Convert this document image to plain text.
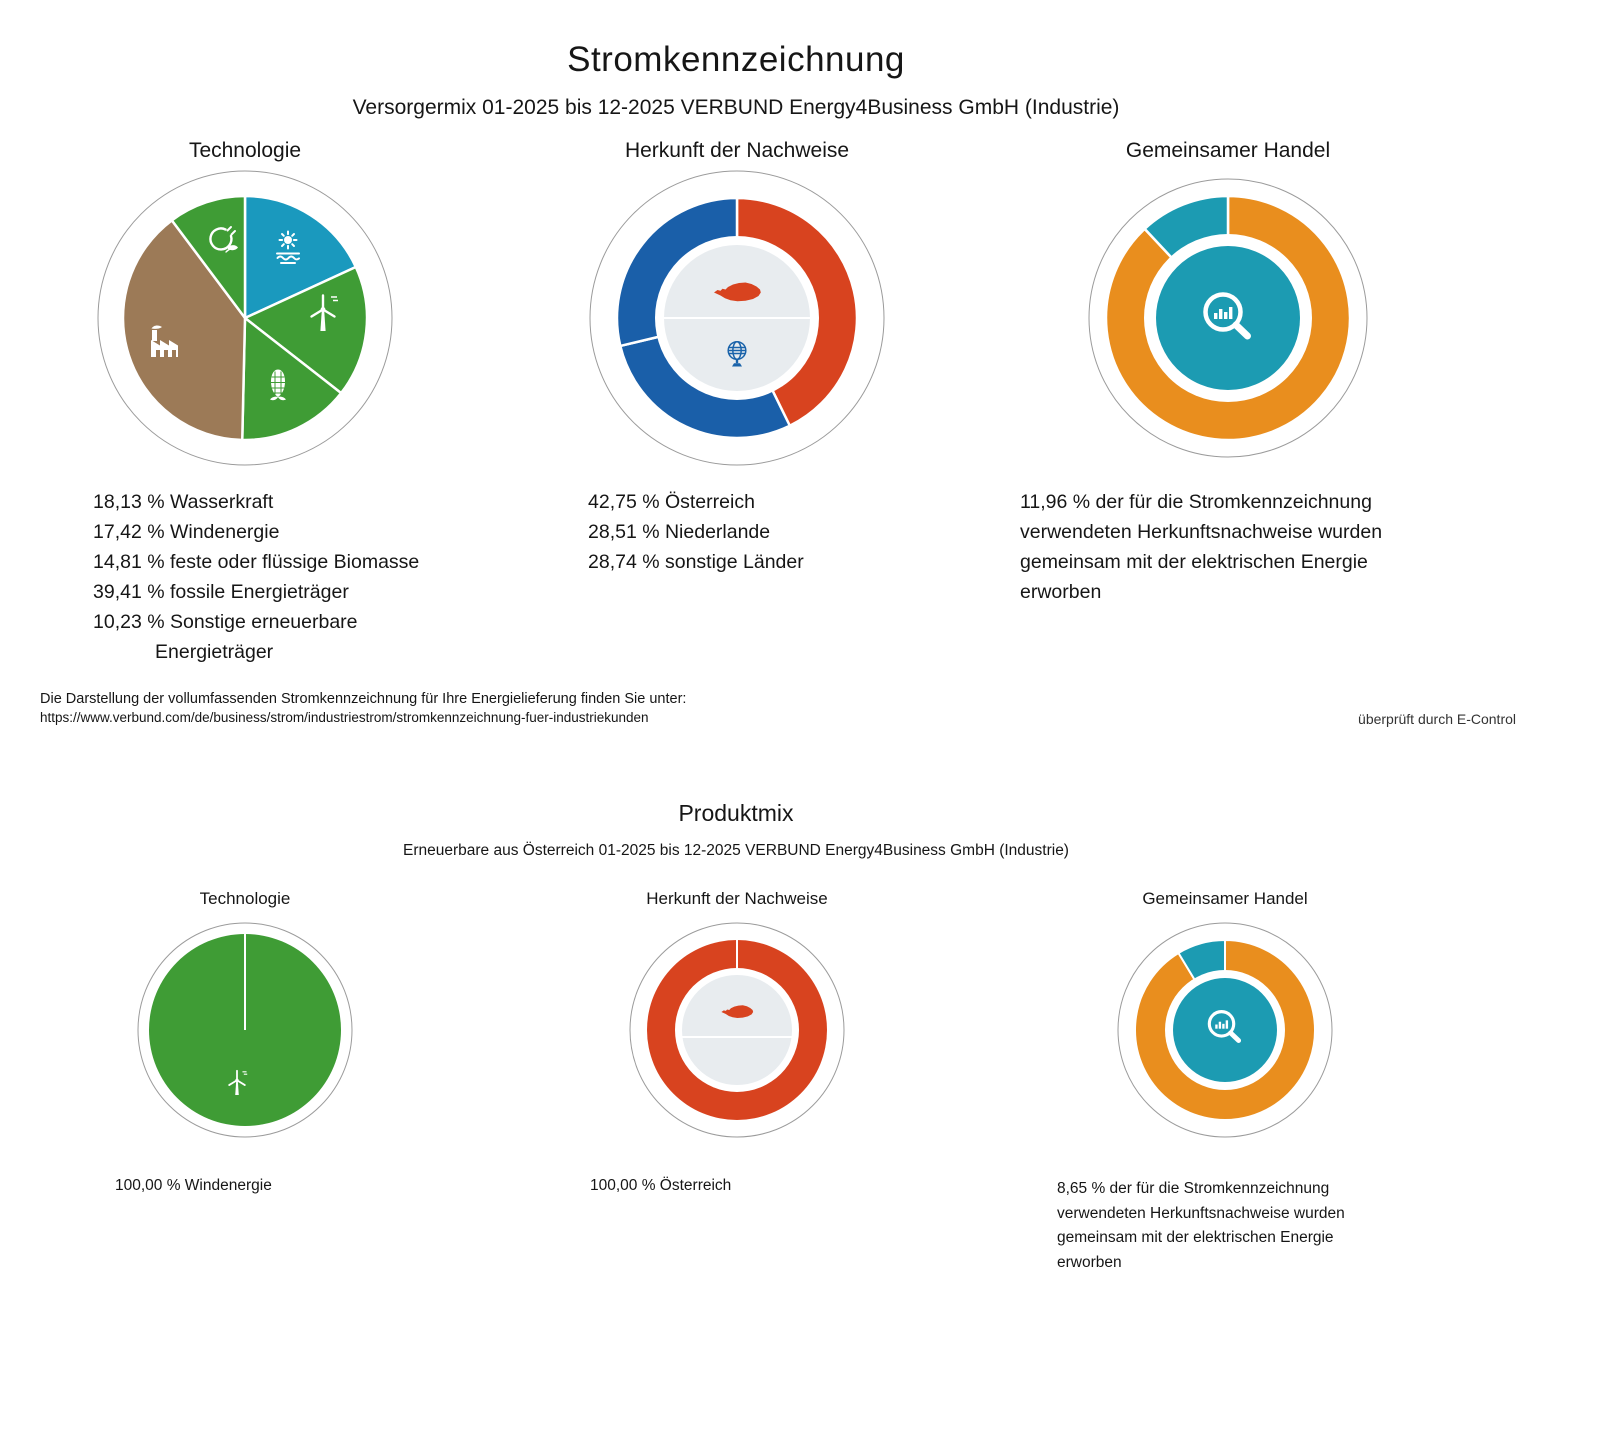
Stromkennzeichnung
Versorgermix 01-2025 bis 12-2025 VERBUND Energy4Business GmbH (Industrie)
Technologie	Herkunft der Nachweise	Gemeinsamer Handel
18,13 % Wasserkraft
17,42 % Windenergie
14,81 % feste oder flüssige Biomasse
39,41 % fossile Energieträger
10,23 % Sonstige erneuerbare Energieträger
42,75 % Österreich
28,51 % Niederlande
28,74 % sonstige Länder
11,96 % der für die Stromkennzeichnung verwendeten Herkunftsnachweise wurden gemeinsam mit der elektrischen Energie erworben
Die Darstellung der vollumfassenden Stromkennzeichnung für Ihre Energielieferung finden Sie unter:
https://www.verbund.com/de/business/strom/industriestrom/stromkennzeichnung-fuer-industriekunden	überprüft durch E-Control
Produktmix
Erneuerbare aus Österreich 01-2025 bis 12-2025 VERBUND Energy4Business GmbH (Industrie)
Technologie	Herkunft der Nachweise	Gemeinsamer Handel
100,00 % Windenergie	100,00 % Österreich	8,65 % der für die Stromkennzeichnung verwendeten Herkunftsnachweise wurden gemeinsam mit der elektrischen Energie erworben
